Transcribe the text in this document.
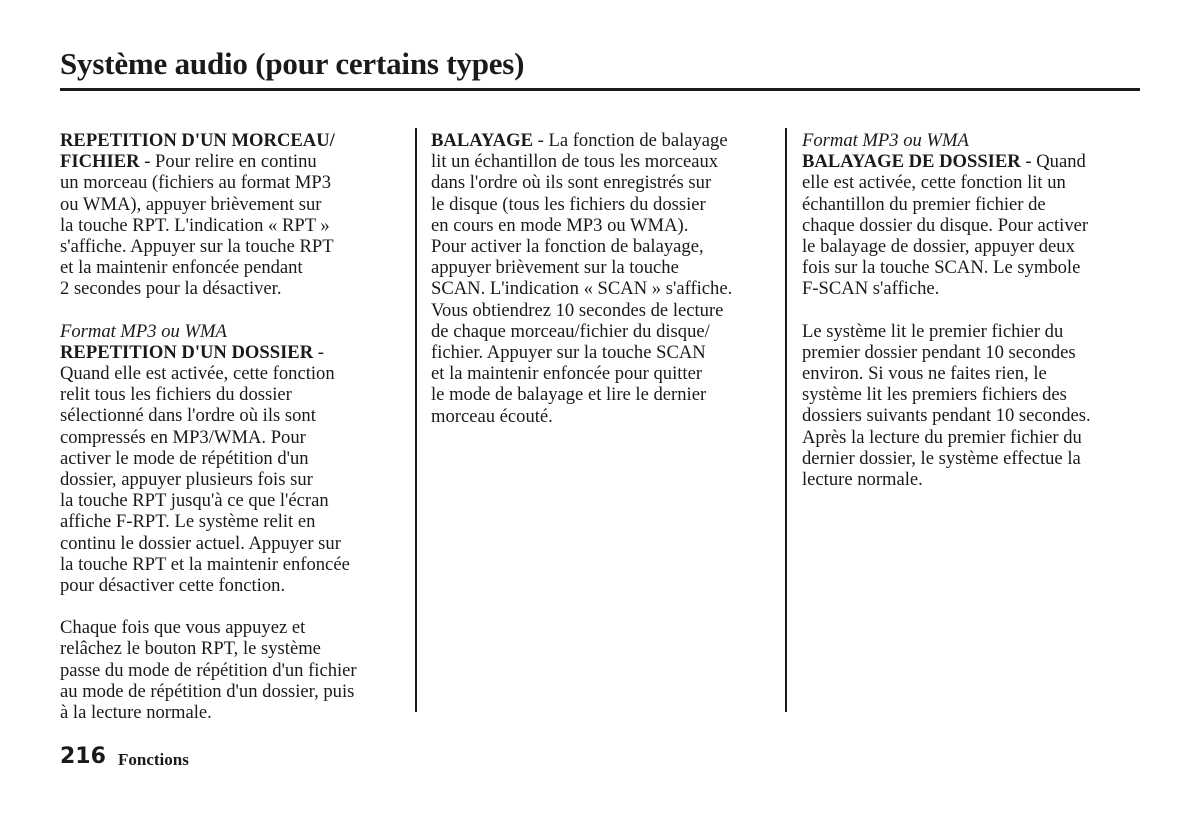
Système audio (pour certains types)

REPETITION D'UN MORCEAU/
FICHIER - Pour relire en continu
un morceau (fichiers au format MP3
ou WMA), appuyer brièvement sur
la touche RPT. L'indication « RPT »
s'affiche. Appuyer sur la touche RPT
et la maintenir enfoncée pendant
2 secondes pour la désactiver.

Format MP3 ou WMA
REPETITION D'UN DOSSIER -
Quand elle est activée, cette fonction
relit tous les fichiers du dossier
sélectionné dans l'ordre où ils sont
compressés en MP3/WMA. Pour
activer le mode de répétition d'un
dossier, appuyer plusieurs fois sur
la touche RPT jusqu'à ce que l'écran
affiche F-RPT. Le système relit en
continu le dossier actuel. Appuyer sur
la touche RPT et la maintenir enfoncée
pour désactiver cette fonction.

Chaque fois que vous appuyez et
relâchez le bouton RPT, le système
passe du mode de répétition d'un fichier
au mode de répétition d'un dossier, puis
à la lecture normale.

BALAYAGE - La fonction de balayage
lit un échantillon de tous les morceaux
dans l'ordre où ils sont enregistrés sur
le disque (tous les fichiers du dossier
en cours en mode MP3 ou WMA).
Pour activer la fonction de balayage,
appuyer brièvement sur la touche
SCAN. L'indication « SCAN » s'affiche.
Vous obtiendrez 10 secondes de lecture
de chaque morceau/fichier du disque/
fichier. Appuyer sur la touche SCAN
et la maintenir enfoncée pour quitter
le mode de balayage et lire le dernier
morceau écouté.

Format MP3 ou WMA
BALAYAGE DE DOSSIER - Quand
elle est activée, cette fonction lit un
échantillon du premier fichier de
chaque dossier du disque. Pour activer
le balayage de dossier, appuyer deux
fois sur la touche SCAN. Le symbole
F-SCAN s'affiche.

Le système lit le premier fichier du
premier dossier pendant 10 secondes
environ. Si vous ne faites rien, le
système lit les premiers fichiers des
dossiers suivants pendant 10 secondes.
Après la lecture du premier fichier du
dernier dossier, le système effectue la
lecture normale.

216 Fonctions
